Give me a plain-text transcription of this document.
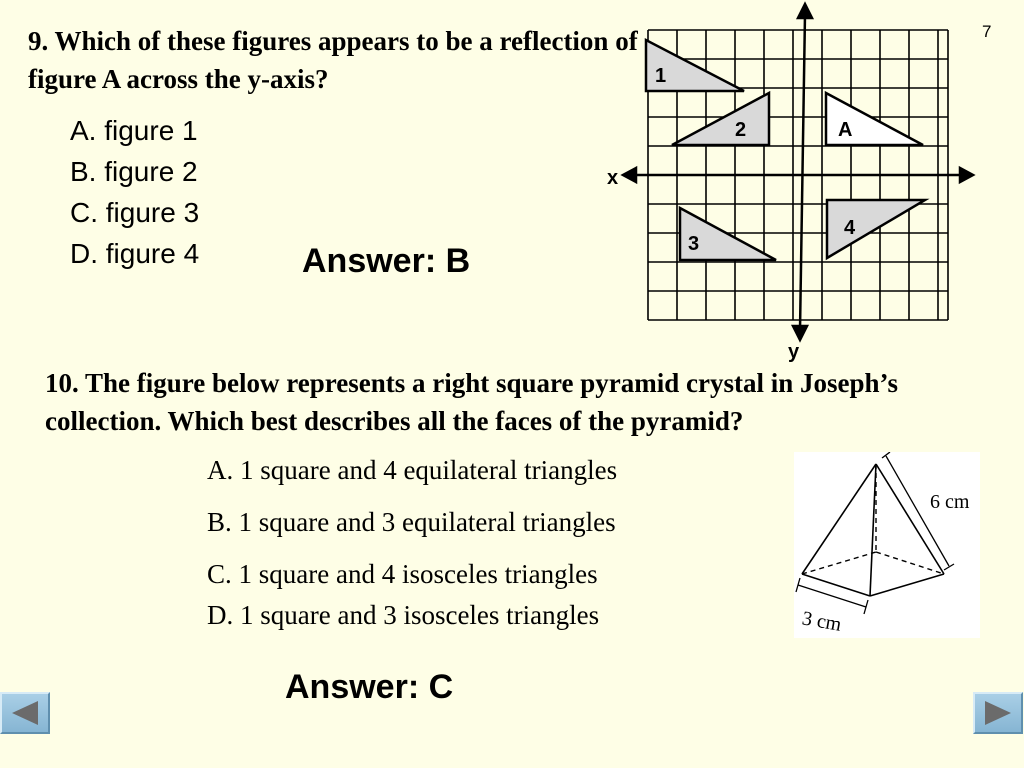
7

9. Which of these figures appears to be a reflection of figure A across the y-axis?

A. figure 1
B. figure 2
C. figure 3
D. figure 4	Answer: B
x
y
1
2	A
3
4

10. The figure below represents a right square pyramid crystal in Joseph’s collection. Which best describes all the faces of the pyramid?

A. 1 square and 4 equilateral triangles
B. 1 square and 3 equilateral triangles
C. 1 square and 4 isosceles triangles
D. 1 square and 3 isosceles triangles
6 cm
3 cm
Answer: C
